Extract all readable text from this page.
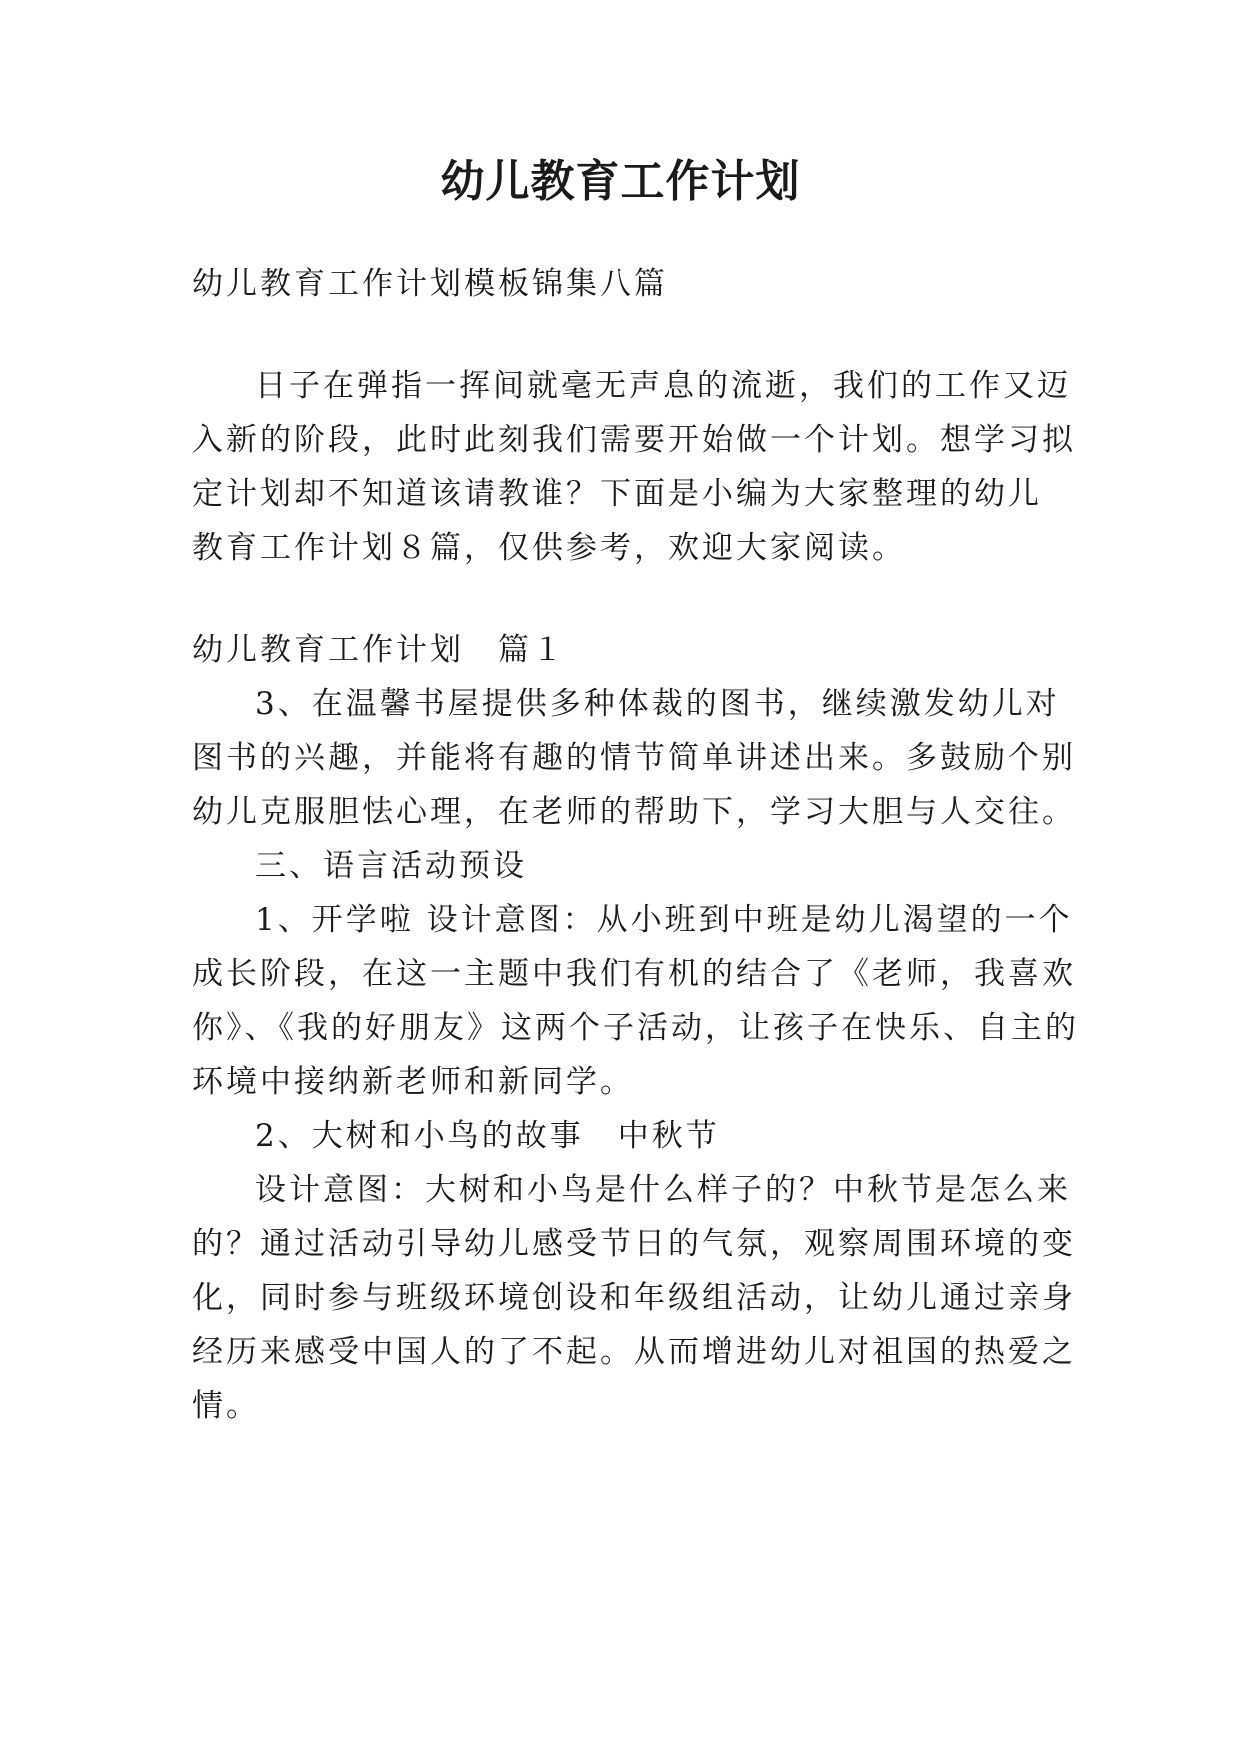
幼儿教育工作计划

幼儿教育工作计划模板锦集八篇

日子在弹指一挥间就毫无声息的流逝，我们的工作又迈

入新的阶段，此时此刻我们需要开始做一个计划。想学习拟

定计划却不知道该请教谁？下面是小编为大家整理的幼儿

教育工作计划８篇，仅供参考，欢迎大家阅读。

幼儿教育工作计划　篇１

3、在温馨书屋提供多种体裁的图书，继续激发幼儿对

图书的兴趣，并能将有趣的情节简单讲述出来。多鼓励个别

幼儿克服胆怯心理，在老师的帮助下，学习大胆与人交往。

三、语言活动预设

1、开学啦 设计意图：从小班到中班是幼儿渴望的一个

成长阶段，在这一主题中我们有机的结合了《老师，我喜欢

你》、《我的好朋友》这两个子活动，让孩子在快乐、自主的

环境中接纳新老师和新同学。

2、大树和小鸟的故事　中秋节

设计意图：大树和小鸟是什么样子的？中秋节是怎么来

的？通过活动引导幼儿感受节日的气氛，观察周围环境的变

化，同时参与班级环境创设和年级组活动，让幼儿通过亲身

经历来感受中国人的了不起。从而增进幼儿对祖国的热爱之

情。
